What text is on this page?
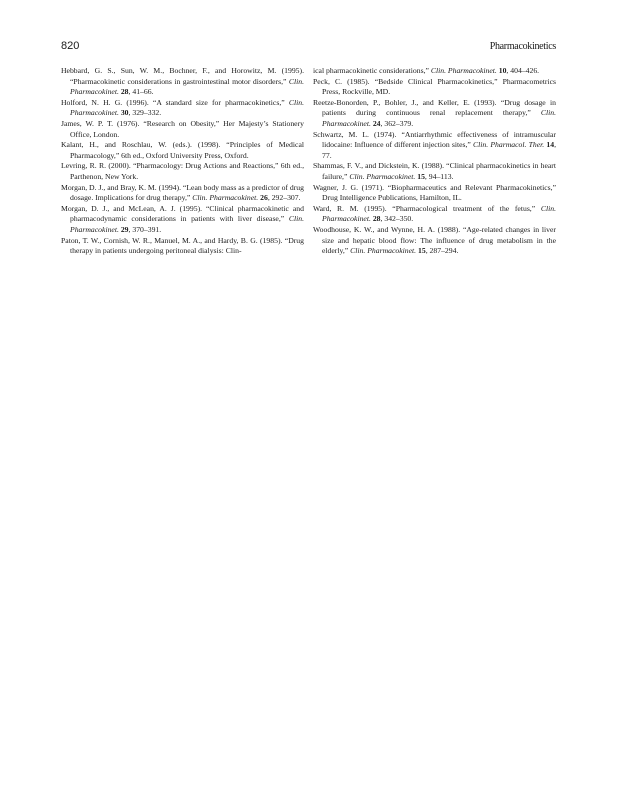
820	Pharmacokinetics

Hebbard, G. S., Sun, W. M., Bochner, F., and Horowitz, M. (1995). “Pharmacokinetic considerations in gastrointestinal motor disorders,” Clin. Pharmacokinet. 28, 41–66.

Holford, N. H. G. (1996). “A standard size for pharmacokinetics,” Clin. Pharmacokinet. 30, 329–332.

James, W. P. T. (1976). “Research on Obesity,” Her Majesty’s Stationery Office, London.

Kalant, H., and Roschlau, W. (eds.). (1998). “Principles of Medical Pharmacology,” 6th ed., Oxford University Press, Oxford.

Levring, R. R. (2000). “Pharmacology: Drug Actions and Reactions,” 6th ed., Parthenon, New York.

Morgan, D. J., and Bray, K. M. (1994). “Lean body mass as a predictor of drug dosage. Implications for drug therapy,” Clin. Pharmacokinet. 26, 292–307.

Morgan, D. J., and McLean, A. J. (1995). “Clinical pharmacokinetic and pharmacodynamic considerations in patients with liver disease,” Clin. Pharmacokinet. 29, 370–391.

Paton, T. W., Cornish, W. R., Manuel, M. A., and Hardy, B. G. (1985). “Drug therapy in patients undergoing peritoneal dialysis: Clin-

ical pharmacokinetic considerations,” Clin. Pharmacokinet. 10, 404–426.

Peck, C. (1985). “Bedside Clinical Pharmacokinetics,” Pharmacometrics Press, Rockville, MD.

Reetze-Bonorden, P., Bohler, J., and Keller, E. (1993). “Drug dosage in patients during continuous renal replacement therapy,” Clin. Pharmacokinet. 24, 362–379.

Schwartz, M. L. (1974). “Antiarrhythmic effectiveness of intramuscular lidocaine: Influence of different injection sites,” Clin. Pharmacol. Ther. 14, 77.

Shammas, F. V., and Dickstein, K. (1988). “Clinical pharmacokinetics in heart failure,” Clin. Pharmacokinet. 15, 94–113.

Wagner, J. G. (1971). “Biopharmaceutics and Relevant Pharmacokinetics,” Drug Intelligence Publications, Hamilton, IL.

Ward, R. M. (1995). “Pharmacological treatment of the fetus,” Clin. Pharmacokinet. 28, 342–350.

Woodhouse, K. W., and Wynne, H. A. (1988). “Age-related changes in liver size and hepatic blood flow: The influence of drug metabolism in the elderly,” Clin. Pharmacokinet. 15, 287–294.
